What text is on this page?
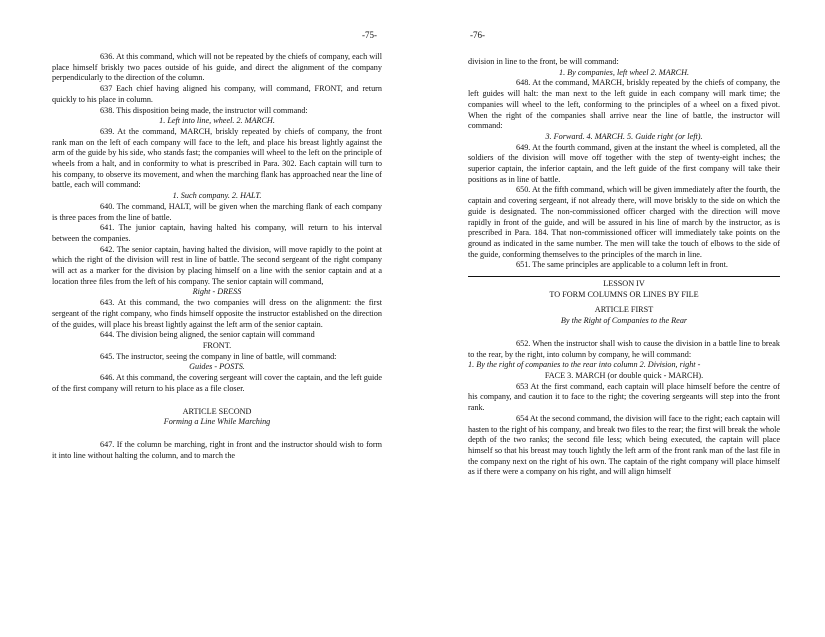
-75-	-76-

636. At this command, which will not be repeated by the chiefs of company, each will place himself briskly two paces outside of his guide, and direct the alignment of the company perpendicularly to the direction of the column.

637 Each chief having aligned his company, will command, FRONT, and return quickly to his place in column.

638. This disposition being made, the instructor will command:

1. Left into line, wheel. 2. MARCH.

639. At the command, MARCH, briskly repeated by chiefs of company, the front rank man on the left of each company will face to the left, and place his breast lightly against the arm of the guide by his side, who stands fast; the companies will wheel to the left on the principle of wheels from a halt, and in conformity to what is prescribed in Para. 302. Each captain will turn to his company, to observe its movement, and when the marching flank has approached near the line of battle, each will command:

1. Such company. 2. HALT.

640. The command, HALT, will be given when the marching flank of each company is three paces from the line of battle.

641. The junior captain, having halted his company, will return to his interval between the companies.

642. The senior captain, having halted the division, will move rapidly to the point at which the right of the division will rest in line of battle. The second sergeant of the right company will act as a marker for the division by placing himself on a line with the senior captain and at a location three files from the left of his company. The senior captain will command,

Right - DRESS

643. At this command, the two companies will dress on the alignment: the first sergeant of the right company, who finds himself opposite the instructor established on the direction of the guides, will place his breast lightly against the left arm of the senior captain.

644. The division being aligned, the senior captain will command

FRONT.

645. The instructor, seeing the company in line of battle, will command:

Guides - POSTS.

646. At this command, the covering sergeant will cover the captain, and the left guide of the first company will return to his place as a file closer.

ARTICLE SECOND

Forming a Line While Marching

647. If the column be marching, right in front and the instructor should wish to form it into line without halting the column, and to march the

division in line to the front, be will command:

1. By companies, left wheel 2. MARCH.

648. At the command, MARCH, briskly repeated by the chiefs of company, the left guides will halt: the man next to the left guide in each company will mark time; the companies will wheel to the left, conforming to the principles of a wheel on a fixed pivot. When the right of the companies shall arrive near the line of battle, the instructor will command:

3. Forward. 4. MARCH. 5. Guide right (or left).

649. At the fourth command, given at the instant the wheel is completed, all the soldiers of the division will move off together with the step of twenty-eight inches; the superior captain, the inferior captain, and the left guide of the first company will take their positions as in line of battle.

650. At the fifth command, which will be given immediately after the fourth, the captain and covering sergeant, if not already there, will move briskly to the side on which the guide is designated. The non-commissioned officer charged with the direction will move rapidly in front of the guide, and will be assured in his line of march by the instructor, as is prescribed in Para. 184. That non-commissioned officer will immediately take points on the ground as indicated in the same number. The men will take the touch of elbows to the side of the guide, conforming themselves to the principles of the march in line.

651. The same principles are applicable to a column left in front.

LESSON IV

TO FORM COLUMNS OR LINES BY FILE

ARTICLE FIRST

By the Right of Companies to the Rear

652. When the instructor shall wish to cause the division in a battle line to break to the rear, by the right, into column by company, he will command:

1. By the right of companies to the rear into column 2. Division, right -

FACE 3. MARCH (or double quick - MARCH).

653 At the first command, each captain will place himself before the centre of his company, and caution it to face to the right; the covering sergeants will step into the front rank.

654 At the second command, the division will face to the right; each captain will hasten to the right of his company, and break two files to the rear; the first will break the whole depth of the two ranks; the second file less; which being executed, the captain will place himself so that his breast may touch lightly the left arm of the front rank man of the last file in the company next on the right of his own. The captain of the right company will place himself as if there were a company on his right, and will align himself
